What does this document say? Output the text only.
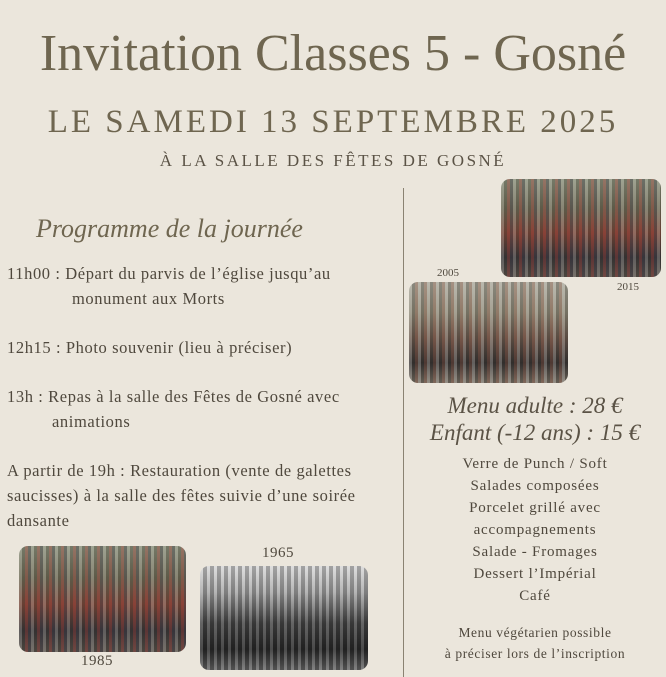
Invitation Classes 5 - Gosné
LE SAMEDI 13 SEPTEMBRE 2025
À LA SALLE DES FÊTES DE GOSNÉ
Programme de la journée
11h00 : Départ du parvis de l’église jusqu’au
monument aux Morts
12h15 : Photo souvenir (lieu à préciser)
13h : Repas à la salle des Fêtes de Gosné avec
animations
A partir de 19h : Restauration (vente de galettes
saucisses) à la salle des fêtes suivie d’une soirée
dansante
2015
2005
1985
1965
Menu adulte : 28 €
Enfant (-12 ans) : 15 €
Verre de Punch / Soft
Salades composées
Porcelet grillé avec
accompagnements
Salade - Fromages
Dessert l’Impérial
Café
Menu végétarien possible
à préciser lors de l’inscription
